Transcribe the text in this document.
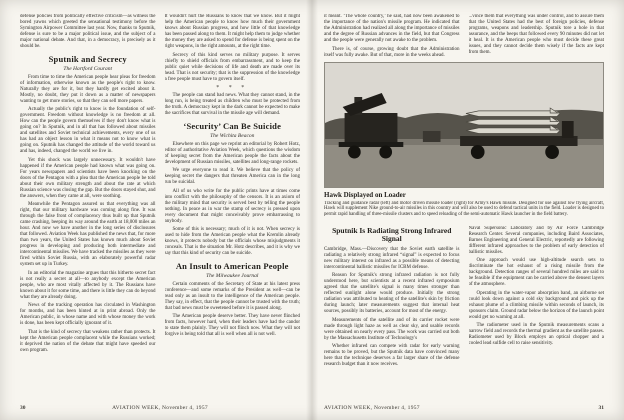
defense policies from politically effective criticism—as witness the bored yawns which greeted the sensational testimony before the Symington Airpower Committee last year. Now, thanks to Sputnik, defense is sure to be a major political issue, and the subject of a major national debate. And that, in a democracy, is precisely as it should be.

Sputnik and Secrecy
The Hartford Courant

From time to time the American people hear pleas for freedom of information, otherwise known as the people's right to know. Naturally they are for it, but they hardly get excited about it. Mostly, no doubt, they put it down as a matter of newspapers wanting to get more stories, so that they can sell more papers.

Actually the public's right to know is the foundation of self-government. Freedom without knowledge is no freedom at all. How can the people govern themselves if they don't know what is going on? In Sputnik, and in all that has followed about missiles and satellites and Soviet technical achievements, every one of us has had an object lesson in what it means not to know what is going on. Sputnik has changed the attitude of the world toward us and has, indeed, changed the world we live in.

Yet this shock was largely unnecessary. It wouldn't have happened if the American people had known what was going on. For years newspapers and scientists have been knocking on the doors of the Pentagon with a plea that the American people be told about their own military strength and about the rate at which Russian science was closing the gap. But the doors stayed shut, and the answers, when they came at all, were soothing.

Meanwhile the Pentagon assured us that everything was all right, that our military hardware was coming along fine. It was through the false front of complacency thus built up that Sputnik came crashing, beeping its way around the earth at 18,000 miles an hour. And now we have another in the long series of disclosures that followed. Aviation Week has published the news that, for more than two years, the United States has known much about Soviet progress in developing and producing both intermediate and intercontinental missiles. We have tracked the missiles as they were fired within Soviet Russia, with an elaborately powerful radar system set up in Turkey.

In an editorial the magazine argues that this hitherto secret fact is not really a secret at all—to anybody except the American people, who are most vitally affected by it. The Russians have known about it for some time, and there is little they can do beyond what they are already doing.

News of the tracking operation has circulated in Washington for months, and has been hinted at in print abroad. Only the American public, in whose name and with whose money the work is done, has been kept officially ignorant of it.

That is the kind of secrecy that weakens rather than protects. It kept the American people complacent while the Russians worked; it deprived the nation of the debate that might have speeded our own program.

It wouldn't hurt the Russians to know that we know. But it might help the American people to know how much their government knows about Russian progress, and how little of that knowledge has been passed along to them. It might help them to judge whether the money they are asked to spend for defense is being spent on the right weapons, in the right amounts, at the right time.

Secrecy of this kind serves no military purpose. It serves chiefly to shield officials from embarrassment, and to keep the public quiet while decisions of life and death are made over its head. That is not security; that is the suppression of the knowledge a free people must have to govern itself.

* * *

The people can stand bad news. What they cannot stand, in the long run, is being treated as children who must be protected from the truth. A democracy kept in the dark cannot be expected to make the sacrifices that survival in the missile age will demand.

‘Security’ Can Be Suicide
The Wichita Beacon

Elsewhere on this page we reprint an editorial by Robert Hotz, editor of authoritative Aviation Week, which questions the wisdom of keeping secret from the American people the facts about the development of Russian missiles, satellites and long-range rockets.

We urge everyone to read it. We believe that the policy of keeping secret the dangers that threaten America can in the long run be suicidal.

All of us who write for the public prints have at times come into conflict with the philosophy of the censors. It is an axiom of the military mind that security is served best by telling the people nothing. In peace as in war the stamp of secrecy is pressed upon every document that might conceivably prove embarrassing to anybody.

Some of this is necessary; much of it is not. When secrecy is used to hide from the American people what the Kremlin already knows, it protects nobody but the officials whose misjudgments it conceals. That is the situation Mr. Hotz describes, and it is why we say that this kind of security can be suicide.

An Insult to American People
The Milwaukee Journal

Certain comments of the Secretary of State at his latest press conference—and some remarks of the President as well—can be read only as an insult to the intelligence of the American people. They say, in effect, that the people cannot be trusted with the truth; that bad news must be sweetened before it is passed along.

The American people deserve better. They have never flinched from facts, however hard, when their leaders have had the candor to state them plainly. They will not flinch now. What they will not forgive is being told that all is well when all is not well.

30	AVIATION WEEK, November 4, 1957

it meant. ‘The whole country,’ he said, had now been awakened to the importance of the nation's missile program. He indicated that the Administration had realized all along the importance of missiles and the degree of Russian advances in the field, but that Congress and the people were generally not awake to the problem.

There is, of course, growing doubt that the Administration itself was fully awake. But of that, more in the weeks ahead.

...vince them that everything was under control, and to assure them that the United States had the best of foreign policies, defense programs, weapons and leadership. Sputnik tore a hole in that assurance, and the beeps that followed every 90 minutes did not let it heal. It is the American people who must decide these great issues, and they cannot decide them wisely if the facts are kept from them.

Hawk Displayed on Loader
Tracking and guidance radar (left) and motor driven missile loader (right) for Army's Hawk missile. Designed for use against low flying aircraft, Hawk will supplement Nike ground-to-air missiles in this country and will also be used to defend tactical units in the field. Loader is designed to permit rapid handling of three-missile clusters and to speed reloading of the semi-automatic Hawk launcher in the field battery.
Sputnik Is Radiating Strong Infrared Signal

Cambridge, Mass.—Discovery that the Soviet earth satellite is radiating a relatively strong infrared “signal” is expected to focus new military interest on infrared as a possible means of detecting intercontinental ballistic missiles for ICBM defense.

Reason for Sputnik's strong infrared radiation is not fully understood here, but scientists at a recent infrared symposium agreed that the satellite's signal is many times stronger than reflected sunlight alone would produce. Initially the strong radiation was attributed to heating of the satellite's skin by friction during launch; later measurements suggest that internal heat sources, possibly its batteries, account for most of the energy.

Measurements of the satellite and of its carrier rocket were made through light haze as well as clear sky, and usable records were obtained on nearly every pass. The work was carried out both by the Massachusetts Institute of Technology's

Whether infrared can compete with radar for early warning remains to be proved, but the Sputnik data have convinced many here that the technique deserves a far larger share of the defense research budget than it now receives.

Naval Supersonic Laboratory and by Air Force Cambridge Research Center. Several companies, including Baird Associates, Barnes Engineering and General Electric, reportedly are following different infrared approaches to the problem of early detection of ballistic missiles.

One approach would use high-altitude search sets to discriminate the hot exhaust of a rising missile from the background. Detection ranges of several hundred miles are said to be feasible if the equipment can be carried above the densest layers of the atmosphere.

Operating in the water-vapor absorption band, an airborne set could look down against a cold sky background and pick up the exhaust plume of a climbing missile within seconds of launch, its sponsors claim. Ground radar below the horizon of the launch point would get no warning at all.

The radiometer used in the Sputnik measurements scans a narrow field and records the thermal gradient as the satellite passes. Radiometer used by Block employs an optical chopper and a cooled lead sulfide cell to raise sensitivity.

AVIATION WEEK, November 4, 1957	31
